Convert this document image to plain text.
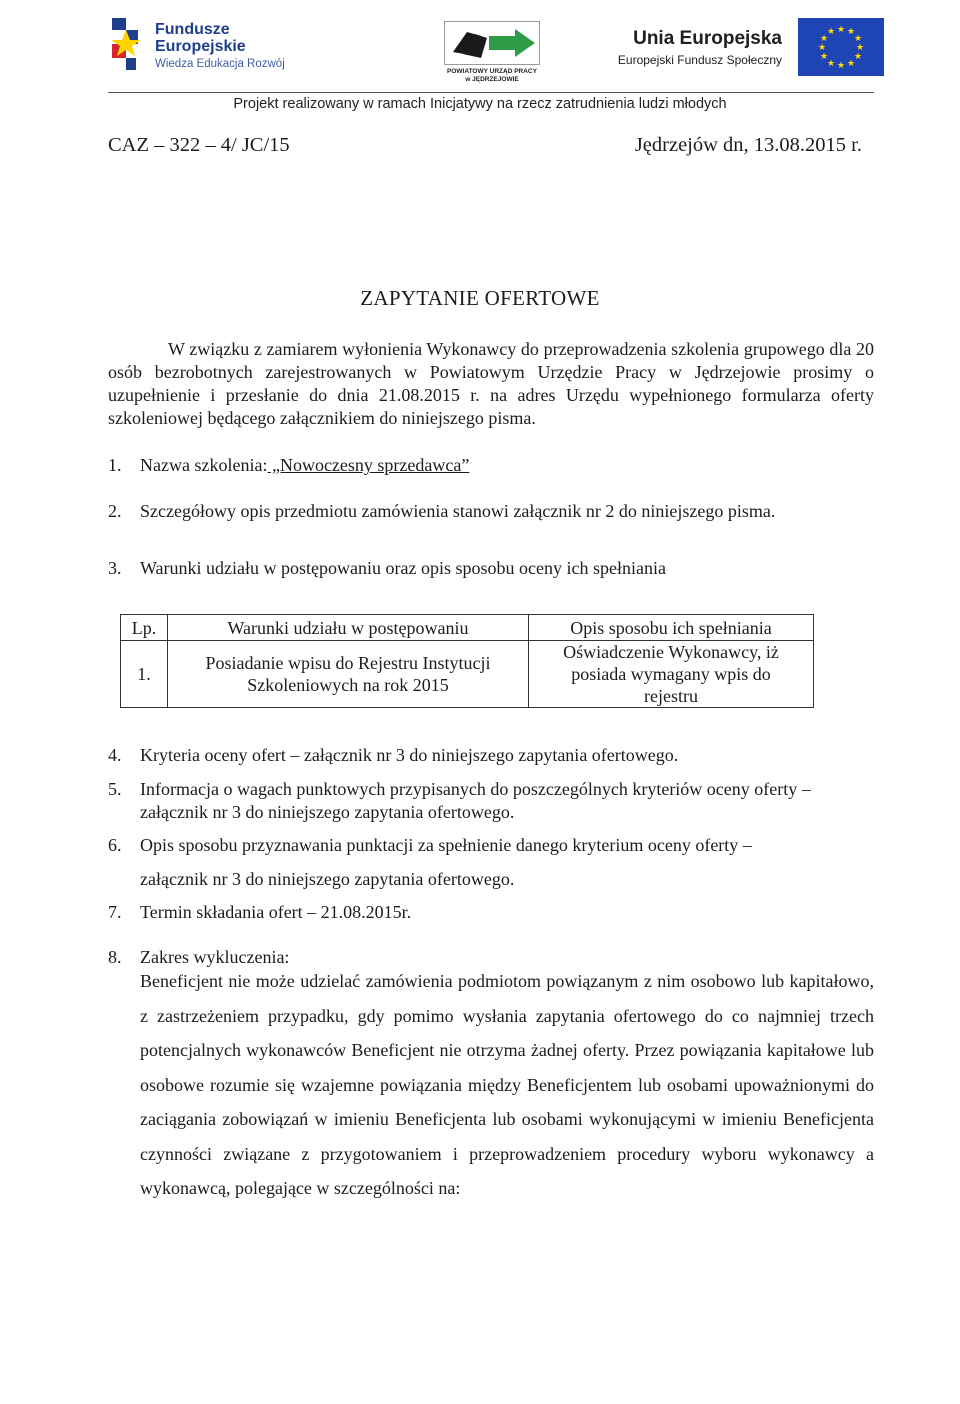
Fundusze
Europejskie
Wiedza Edukacja Rozwój
POWIATOWY URZĄD PRACY
w JĘDRZEJOWIE
Unia Europejska
Europejski Fundusz Społeczny
★ ★
★
★
★
★
★
★
★
★
★
★
Projekt realizowany w ramach Inicjatywy na rzecz zatrudnienia ludzi młodych
CAZ – 322 – 4/ JC/15	Jędrzejów dn, 13.08.2015 r.
ZAPYTANIE OFERTOWE
W związku z zamiarem wyłonienia Wykonawcy do przeprowadzenia szkolenia grupowego dla 20 osób bezrobotnych zarejestrowanych w Powiatowym Urzędzie Pracy w Jędrzejowie prosimy o uzupełnienie i przesłanie do dnia 21.08.2015 r. na adres Urzędu wypełnionego formularza oferty szkoleniowej będącego załącznikiem do niniejszego pisma.
1. Nazwa szkolenia: „Nowoczesny sprzedawca”
2. Szczegółowy opis przedmiotu zamówienia stanowi załącznik nr 2 do niniejszego pisma.
3. Warunki udziału w postępowaniu oraz opis sposobu oceny ich spełniania
Lp.	Warunki udziału w postępowaniu	Opis sposobu ich spełniania
1.	Posiadanie wpisu do Rejestru Instytucji Szkoleniowych na rok 2015	Oświadczenie Wykonawcy, iż posiada wymagany wpis do rejestru
4. Kryteria oceny ofert – załącznik nr 3 do niniejszego zapytania ofertowego.
5. Informacja o wagach punktowych przypisanych do poszczególnych kryteriów oceny oferty – załącznik nr 3 do niniejszego zapytania ofertowego.
6. Opis sposobu przyznawania punktacji za spełnienie danego kryterium oceny oferty –
załącznik nr 3 do niniejszego zapytania ofertowego.
7. Termin składania ofert – 21.08.2015r.
8. Zakres wykluczenia:
Beneficjent nie może udzielać zamówienia podmiotom powiązanym z nim osobowo lub kapitałowo, z zastrzeżeniem przypadku, gdy pomimo wysłania zapytania ofertowego do co najmniej trzech potencjalnych wykonawców Beneficjent nie otrzyma żadnej oferty. Przez powiązania kapitałowe lub osobowe rozumie się wzajemne powiązania między Beneficjentem lub osobami upoważnionymi do zaciągania zobowiązań w imieniu Beneficjenta lub osobami wykonującymi w imieniu Beneficjenta czynności związane z przygotowaniem i przeprowadzeniem procedury wyboru wykonawcy a wykonawcą, polegające w szczególności na:
